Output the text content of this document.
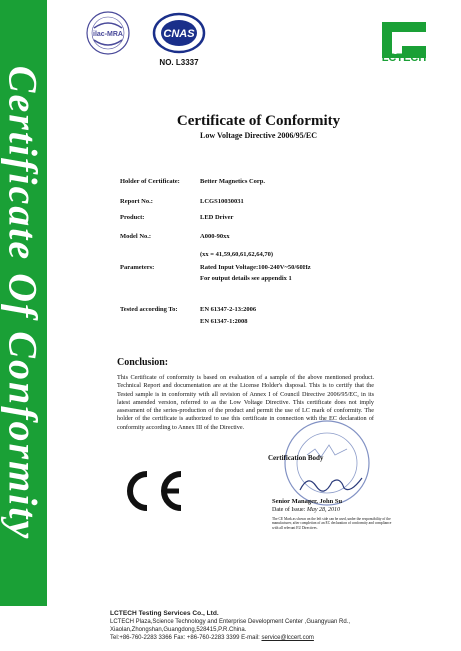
Certificate Of Conformity
ilac-MRA	CNAS
NO. L3337	LCTECH
Certificate of Conformity
Low Voltage Directive 2006/95/EC
Holder of Certificate:	Better Magnetics Corp.
Report No.:	LCGS10030031
Product:	LED Driver
Model No.:	A000-90xx
(xx = 41,59,60,61,62,64,70)
Parameters:	Rated Input Voltage:100-240V~50/60Hz
For output details see appendix 1
Tested according To:	EN 61347-2-13:2006
EN 61347-1:2008
Conclusion:
This Certificate of conformity is based on evaluation of a sample of the above mentioned product. Technical Report and documentation are at the License Holder's disposal. This is to certify that the Tested sample is in conformity with all revision of Annex I of Council Directive 2006/95/EC, in its latest amended version, referred to as the Low Voltage Directive. This certificate does not imply assessment of the series-production of the product and permit the use of LC mark of conformity. The holder of the certificate is authorized to use this certificate in connection with the EC declaration of conformity according to Annex III of the Directive.
Certification Body
Senior Manager, John Su
Date of Issue: May 28, 2010
The CE Mark as shown on the left side can be used, under the responsibility of the manufacturer, after completion of an EC declaration of conformity and compliance with all relevant EU Directives.
LCTECH Testing Services Co., Ltd.
LCTECH Plaza,Science Technology and Enterprise Development Center ,Guangyuan Rd.,
Xiaolan,Zhongshan,Guangdong,528415,P.R.China.
Tel:+86-760-2283 3366 Fax: +86-760-2283 3399 E-mail: service@lccert.com
